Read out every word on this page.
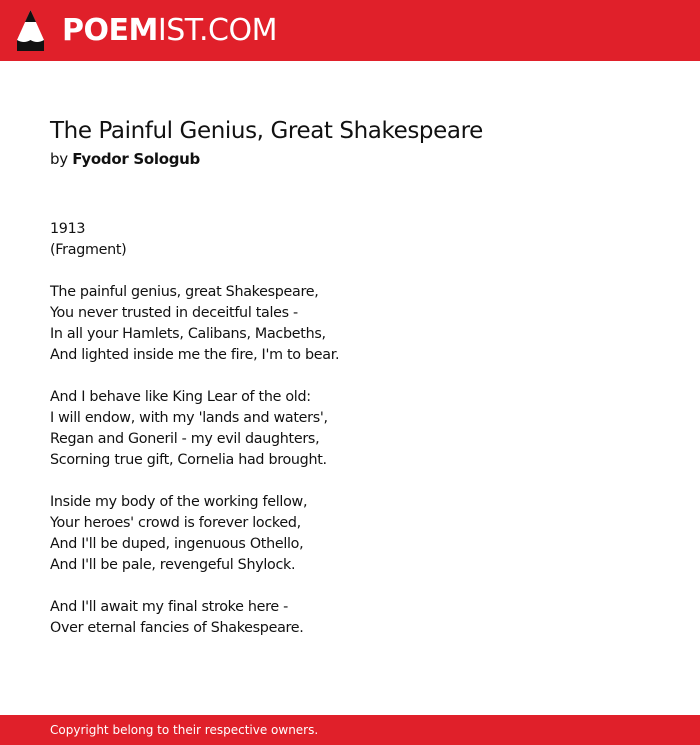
POEMIST.COM
The Painful Genius, Great Shakespeare
by Fyodor Sologub
1913
(Fragment)
The painful genius, great Shakespeare,
You never trusted in deceitful tales -
In all your Hamlets, Calibans, Macbeths,
And lighted inside me the fire, I'm to bear.
And I behave like King Lear of the old:
I will endow, with my 'lands and waters',
Regan and Goneril - my evil daughters,
Scorning true gift, Cornelia had brought.
Inside my body of the working fellow,
Your heroes' crowd is forever locked,
And I'll be duped, ingenuous Othello,
And I'll be pale, revengeful Shylock.
And I'll await my final stroke here -
Over eternal fancies of Shakespeare.
Copyright belong to their respective owners.
